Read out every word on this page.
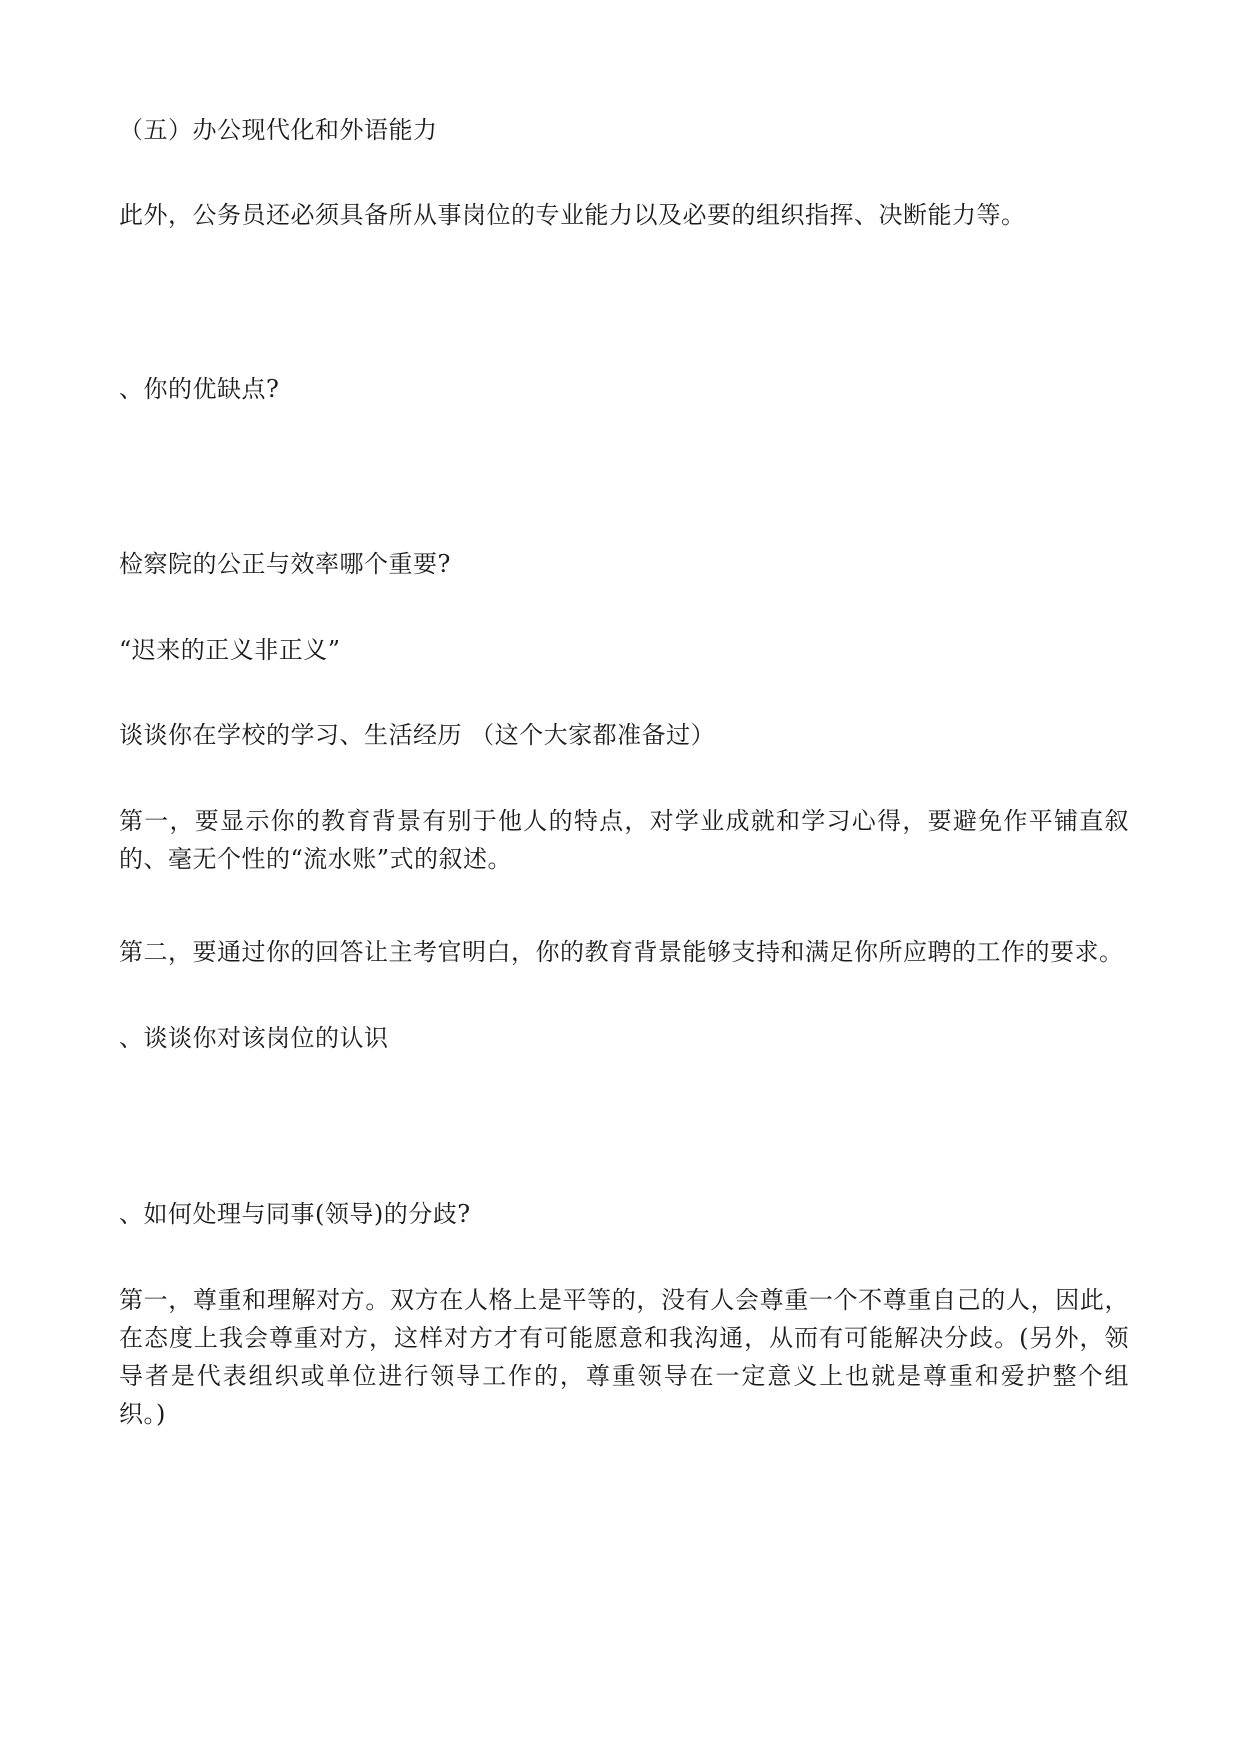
（五）办公现代化和外语能力
此外，公务员还必须具备所从事岗位的专业能力以及必要的组织指挥、决断能力等。
、你的优缺点?
检察院的公正与效率哪个重要?
“迟来的正义非正义”
谈谈你在学校的学习、生活经历 （这个大家都准备过）
第一，要显示你的教育背景有别于他人的特点，对学业成就和学习心得，要避免作平铺直叙
的、毫无个性的“流水账”式的叙述。
第二，要通过你的回答让主考官明白，你的教育背景能够支持和满足你所应聘的工作的要求。
、谈谈你对该岗位的认识
、如何处理与同事(领导)的分歧?
第一，尊重和理解对方。双方在人格上是平等的，没有人会尊重一个不尊重自己的人，因此，
在态度上我会尊重对方，这样对方才有可能愿意和我沟通，从而有可能解决分歧。(另外，领
导者是代表组织或单位进行领导工作的，尊重领导在一定意义上也就是尊重和爱护整个组
织。)
